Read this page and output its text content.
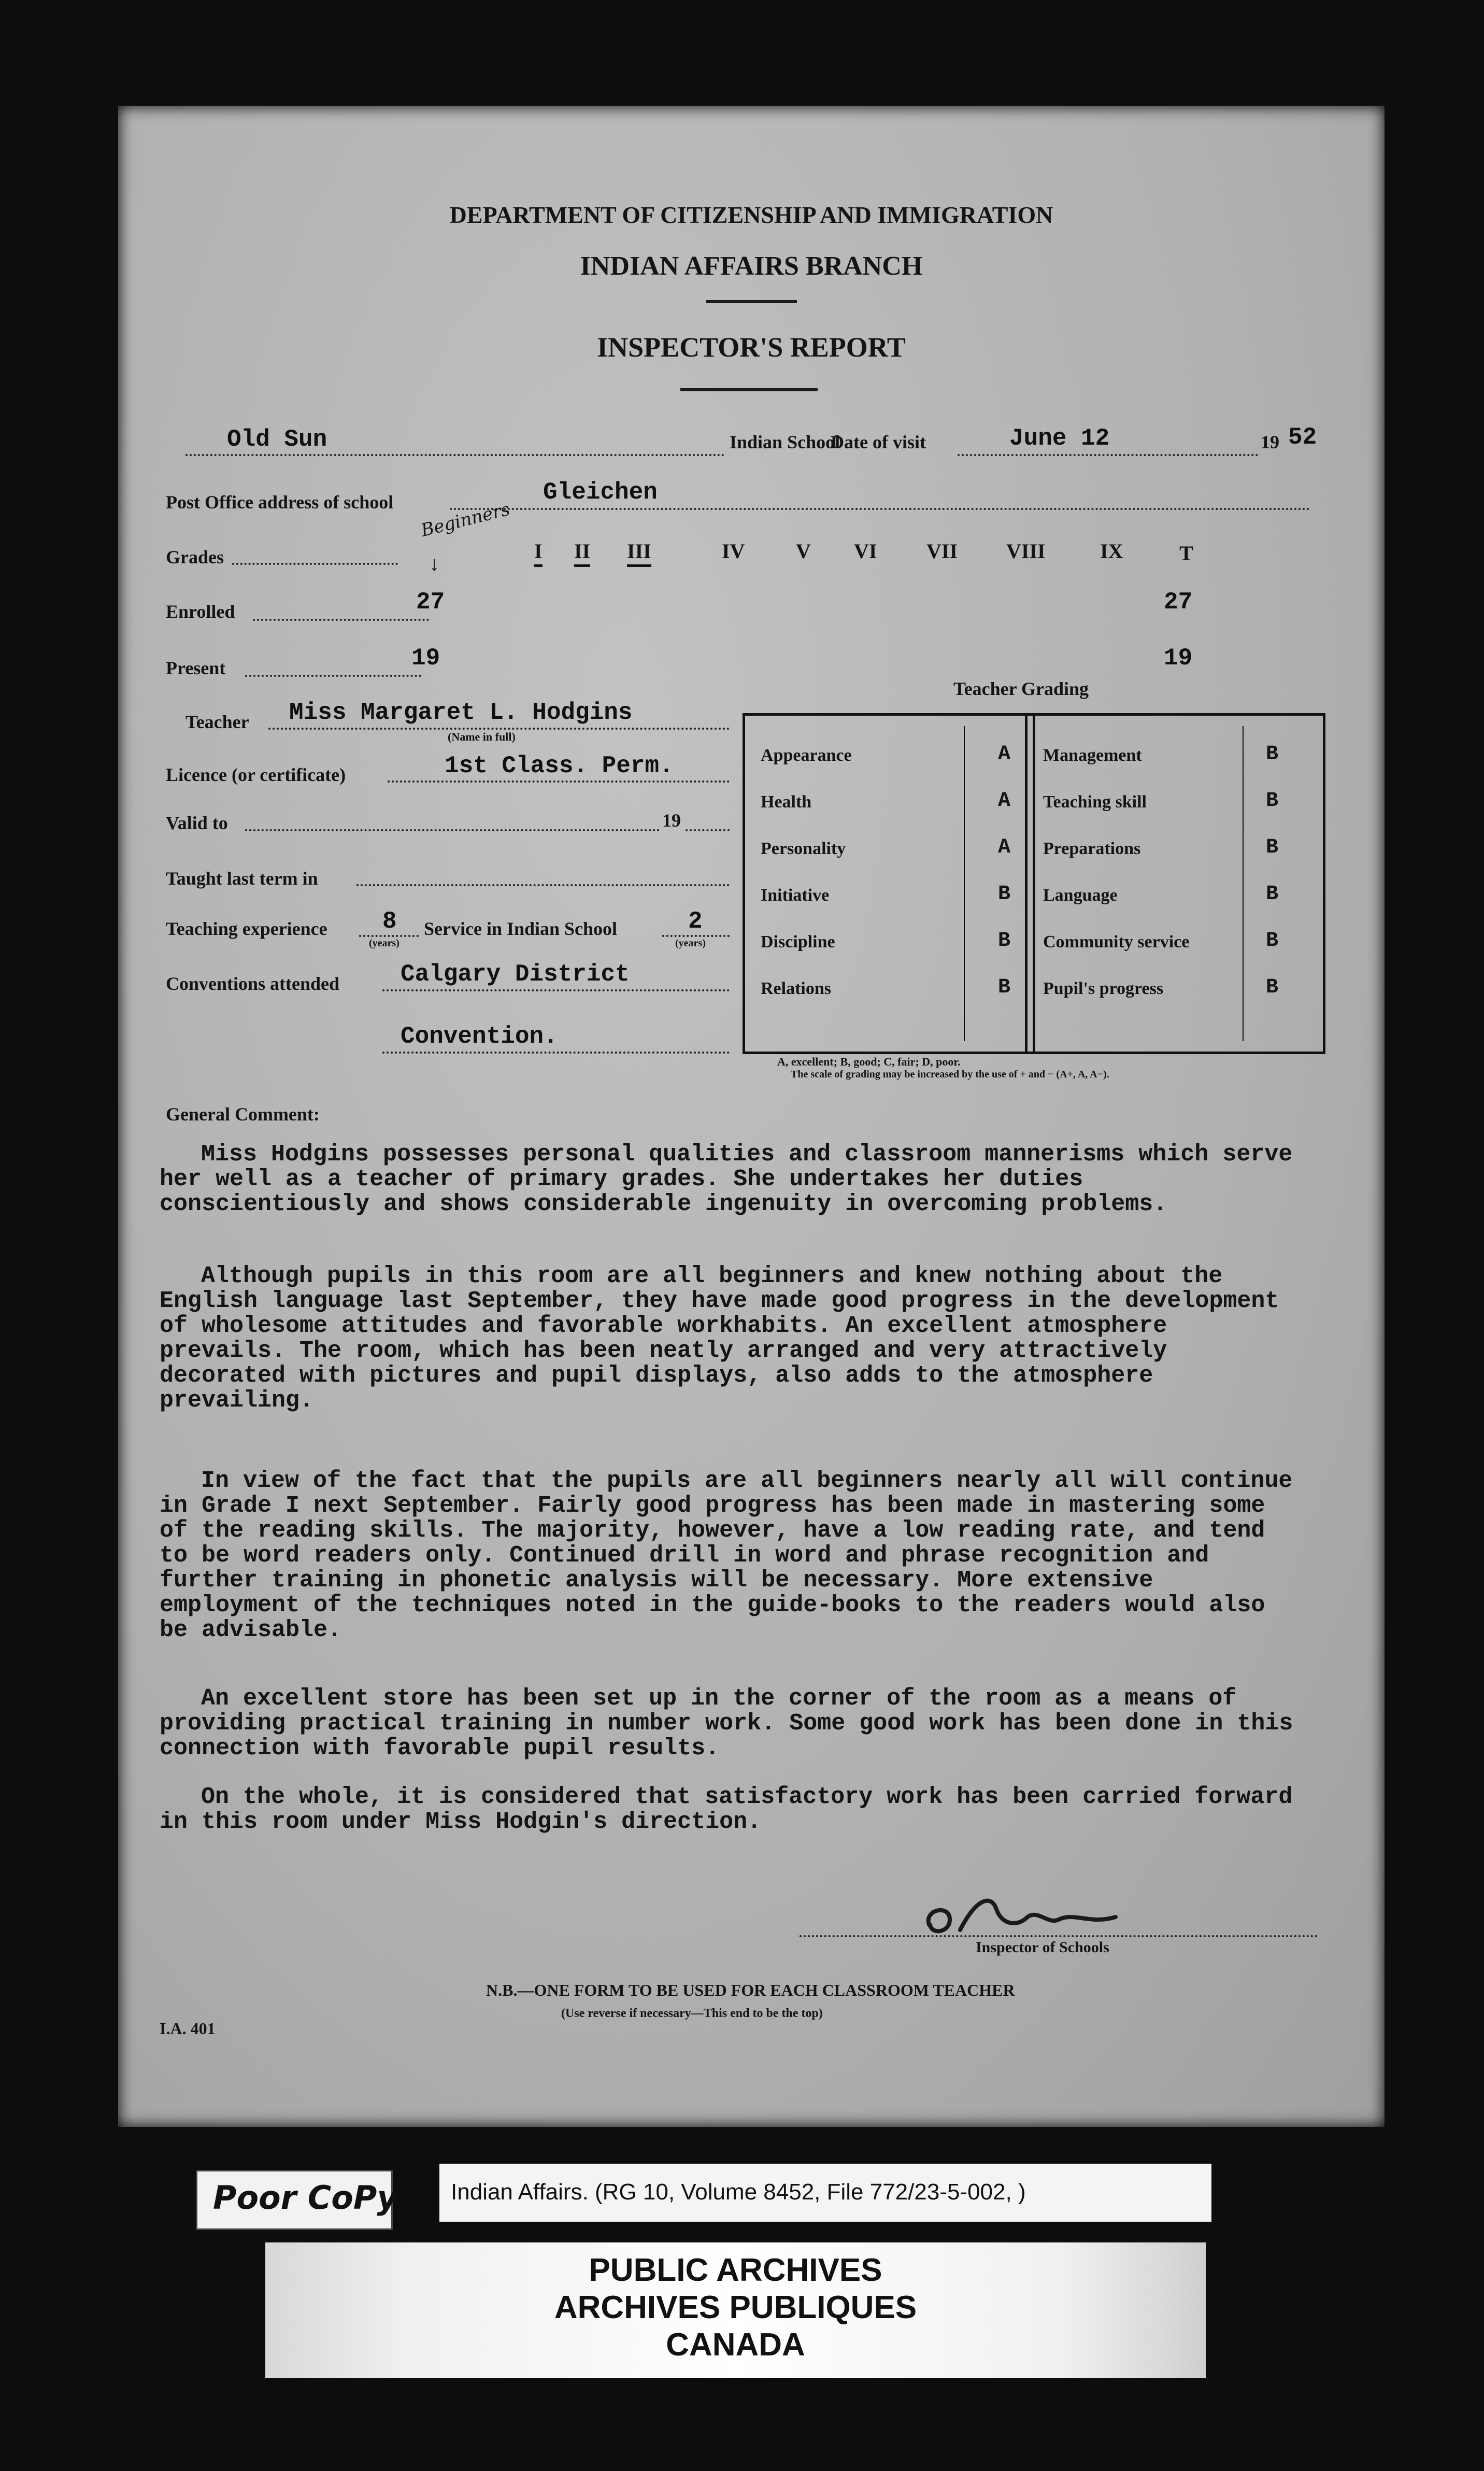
DEPARTMENT OF CITIZENSHIP AND IMMIGRATION
INDIAN AFFAIRS BRANCH
INSPECTOR'S REPORT
Old Sun	Indian School
Date of visit	June 12	19 52
Post Office address of school	Gleichen
Grades
Beginners
↓
I II III	IV V VI VII VIII	IX	T
Enrolled	27	27
Present	19	19
Teacher Miss Margaret L. Hodgins
(Name in full)
Licence (or certificate)	1st Class. Perm.
Valid to	19
Taught last term in
Teaching experience 8
(years)
Service in Indian School	2
(years)
Conventions attended	Calgary District
Convention.
Teacher Grading
Appearance	A
Health	A
Personality	A
Initiative	B
Discipline	B
Relations	B
Management	B
Teaching skill	B
Preparations	B
Language	B
Community service	B
Pupil's progress	B
A, excellent; B, good; C, fair; D, poor.
The scale of grading may be increased by the use of + and − (A+, A, A−).
General Comment:
Miss Hodgins possesses personal qualities and classroom mannerisms which serve her well as a teacher of primary grades. She undertakes her duties conscientiously and shows considerable ingenuity in overcoming problems.
Although pupils in this room are all beginners and knew nothing about the English language last September, they have made good progress in the development of wholesome attitudes and favorable workhabits. An excellent atmosphere prevails. The room, which has been neatly arranged and very attractively decorated with pictures and pupil displays, also adds to the atmosphere prevailing.
In view of the fact that the pupils are all beginners nearly all will continue in Grade I next September. Fairly good progress has been made in mastering some of the reading skills. The majority, however, have a low reading rate, and tend to be word readers only. Continued drill in word and phrase recognition and further training in phonetic analysis will be necessary. More extensive employment of the techniques noted in the guide-books to the readers would also be advisable.
An excellent store has been set up in the corner of the room as a means of providing practical training in number work. Some good work has been done in this connection with favorable pupil results.
On the whole, it is considered that satisfactory work has been carried forward in this room under Miss Hodgin's direction.
Inspector of Schools
N.B.—ONE FORM TO BE USED FOR EACH CLASSROOM TEACHER
(Use reverse if necessary—This end to be the top)
I.A. 401
Poor CoPy Indian Affairs. (RG 10, Volume 8452, File 772/23-5-002, )
PUBLIC ARCHIVES
ARCHIVES PUBLIQUES
CANADA
